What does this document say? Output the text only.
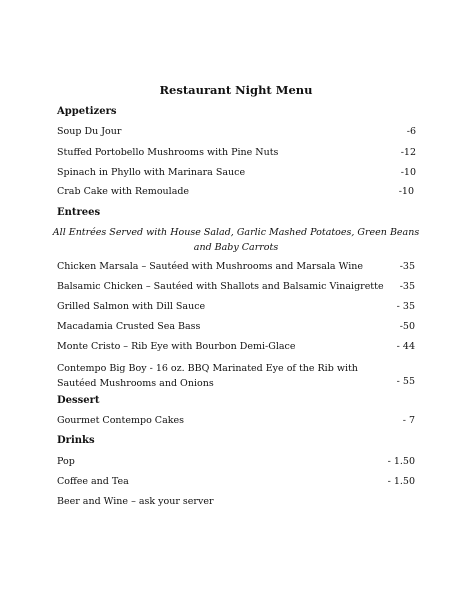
Restaurant Night Menu
Appetizers
Soup Du Jour	-6
Stuffed Portobello Mushrooms with Pine Nuts	-12
Spinach in Phyllo with Marinara Sauce	-10
Crab Cake with Remoulade	-10
Entrees
All Entrées Served with House Salad, Garlic Mashed Potatoes, Green Beans and Baby Carrots
Chicken Marsala – Sautéed with Mushrooms and Marsala Wine	-35
Balsamic Chicken – Sautéed with Shallots and Balsamic Vinaigrette -35
Grilled Salmon with Dill Sauce	- 35
Macadamia Crusted Sea Bass	-50
Monte Cristo – Rib Eye with Bourbon Demi-Glace	- 44
Contempo Big Boy - 16 oz. BBQ Marinated Eye of the Rib with Sautéed Mushrooms and Onions	- 55
Dessert
Gourmet Contempo Cakes	- 7
Drinks
Pop	- 1.50
Coffee and Tea	- 1.50
Beer and Wine – ask your server
